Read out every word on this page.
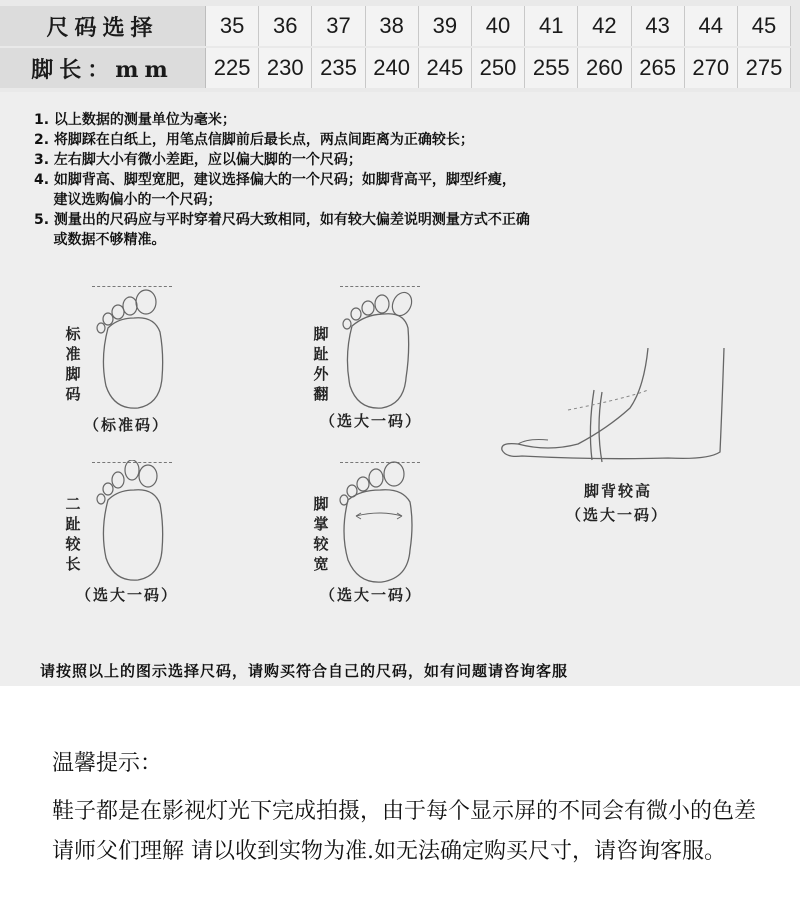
尺码选择	35	36	37	38	39	40	41	42	43	44	45
脚长：mm	225 230 235 240 245 250 255 260 265 270 275
1. 以上数据的测量单位为毫米；
2. 将脚踩在白纸上，用笔点信脚前后最长点，两点间距离为正确较长；
3. 左右脚大小有微小差距，应以偏大脚的一个尺码；
4. 如脚背高、脚型宽肥，建议选择偏大的一个尺码；如脚背高平，脚型纤瘦，
建议选购偏小的一个尺码；
5. 测量出的尺码应与平时穿着尺码大致相同，如有较大偏差说明测量方式不正确
或数据不够精准。
标准脚码
（标准码）
脚趾外翻
（选大一码）
二趾较长
（选大一码）
脚掌较宽
（选大一码）
脚背较高
（选大一码）
请按照以上的图示选择尺码，请购买符合自己的尺码，如有问题请咨询客服
温馨提示：
鞋子都是在影视灯光下完成拍摄，由于每个显示屏的不同会有微小的色差
请师父们理解 请以收到实物为准.如无法确定购买尺寸，请咨询客服。
